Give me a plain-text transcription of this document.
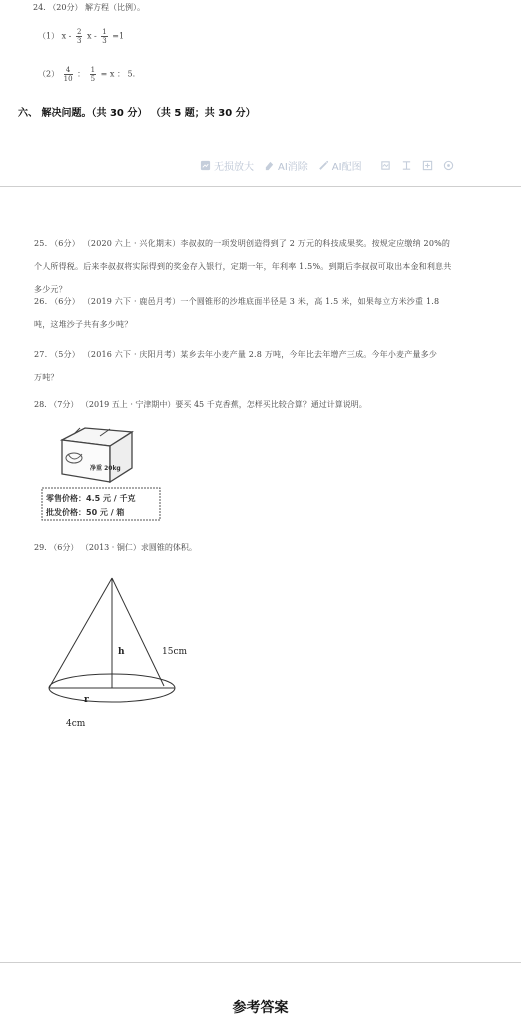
24. （20分） 解方程（比例）。
（1） x - $\frac{2}{3}$ $x - \frac{1}{3} =1$
$(2) \frac{4}{10}$ ： $\frac{1}{5} = x$ ： 5.
六、 解决问题。（共 30 分） （共 5 题；共 30 分）
无损放大 AI消除 AI配图
25. （6分） （2020 六上 · 兴化期末）李叔叔的一项发明创造得到了 2 万元的科技成果奖。按规定应缴纳 20%的
个人所得税。后来李叔叔将实际得到的奖金存入银行，定期一年，年利率 1.5%。到期后李叔叔可取出本金和利息共
多少元？
26. （6分） （2019 六下 · 鹿邑月考）一个圆锥形的沙堆底面半径是 3 米，高 1.5 米，如果每立方米沙重 1.8
吨，这堆沙子共有多少吨？
27. （5分） （2016 六下 · 庆阳月考）某乡去年小麦产量 2.8 万吨，今年比去年增产三成。今年小麦产量多少
万吨？
28. （7分） （2019 五上 · 宁津期中）要买 45 千克香蕉，怎样买比较合算？通过计算说明。
净重 20kg
零售价格：4.5 元 / 千克
批发价格：50 元 / 箱
29. （6分） （2013 · 铜仁）求圆锥的体积。
h	15cm
r
4cm
参考答案
